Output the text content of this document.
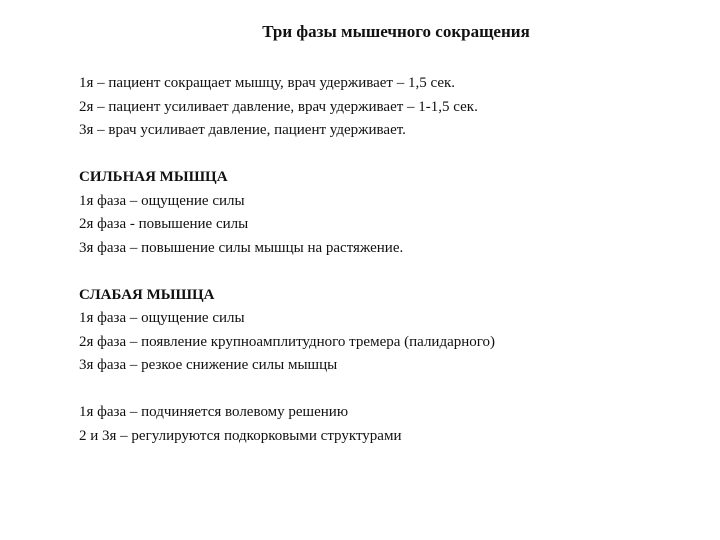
Три фазы мышечного сокращения
1я – пациент сокращает мышцу, врач удерживает – 1,5 сек.
2я – пациент усиливает давление, врач удерживает – 1-1,5 сек.
3я – врач усиливает давление, пациент удерживает.
СИЛЬНАЯ МЫШЦА
1я фаза – ощущение силы
2я фаза - повышение силы
3я фаза – повышение силы мышцы на растяжение.
СЛАБАЯ МЫШЦА
1я фаза – ощущение силы
2я фаза – появление крупноамплитудного тремера (палидарного)
3я фаза – резкое снижение силы мышцы
1я фаза – подчиняется волевому решению
2 и 3я – регулируются подкорковыми структурами
